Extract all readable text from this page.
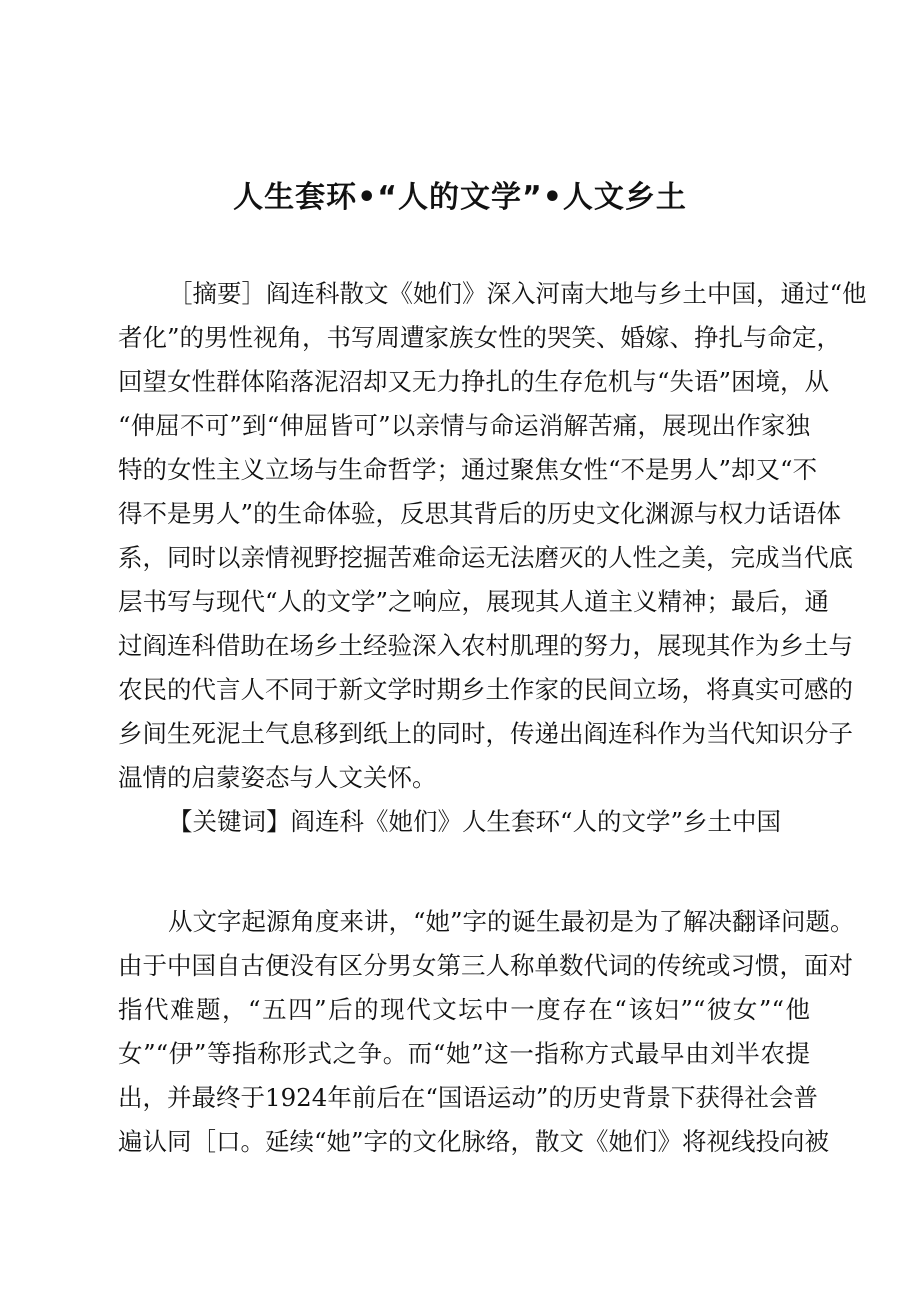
人生套环•“人的文学”•人文乡土
［摘要］阎连科散文《她们》深入河南大地与乡土中国，通过“他
者化”的男性视角，书写周遭家族女性的哭笑、婚嫁、挣扎与命定，
回望女性群体陷落泥沼却又无力挣扎的生存危机与“失语”困境，从
“伸屈不可”到“伸屈皆可”以亲情与命运消解苦痛，展现出作家独
特的女性主义立场与生命哲学；通过聚焦女性“不是男人”却又“不
得不是男人”的生命体验，反思其背后的历史文化渊源与权力话语体
系，同时以亲情视野挖掘苦难命运无法磨灭的人性之美，完成当代底
层书写与现代“人的文学”之响应，展现其人道主义精神；最后，通
过阎连科借助在场乡土经验深入农村肌理的努力，展现其作为乡土与
农民的代言人不同于新文学时期乡土作家的民间立场，将真实可感的
乡间生死泥土气息移到纸上的同时，传递出阎连科作为当代知识分子
温情的启蒙姿态与人文关怀。
【关键词】阎连科《她们》人生套环“人的文学”乡土中国
从文字起源角度来讲，“她”字的诞生最初是为了解决翻译问题。
由于中国自古便没有区分男女第三人称单数代词的传统或习惯，面对
指代难题，“五四”后的现代文坛中一度存在“该妇”“彼女”“他
女”“伊”等指称形式之争。而“她”这一指称方式最早由刘半农提
出，并最终于1924年前后在“国语运动”的历史背景下获得社会普
遍认同［口。延续“她”字的文化脉络，散文《她们》将视线投向被
